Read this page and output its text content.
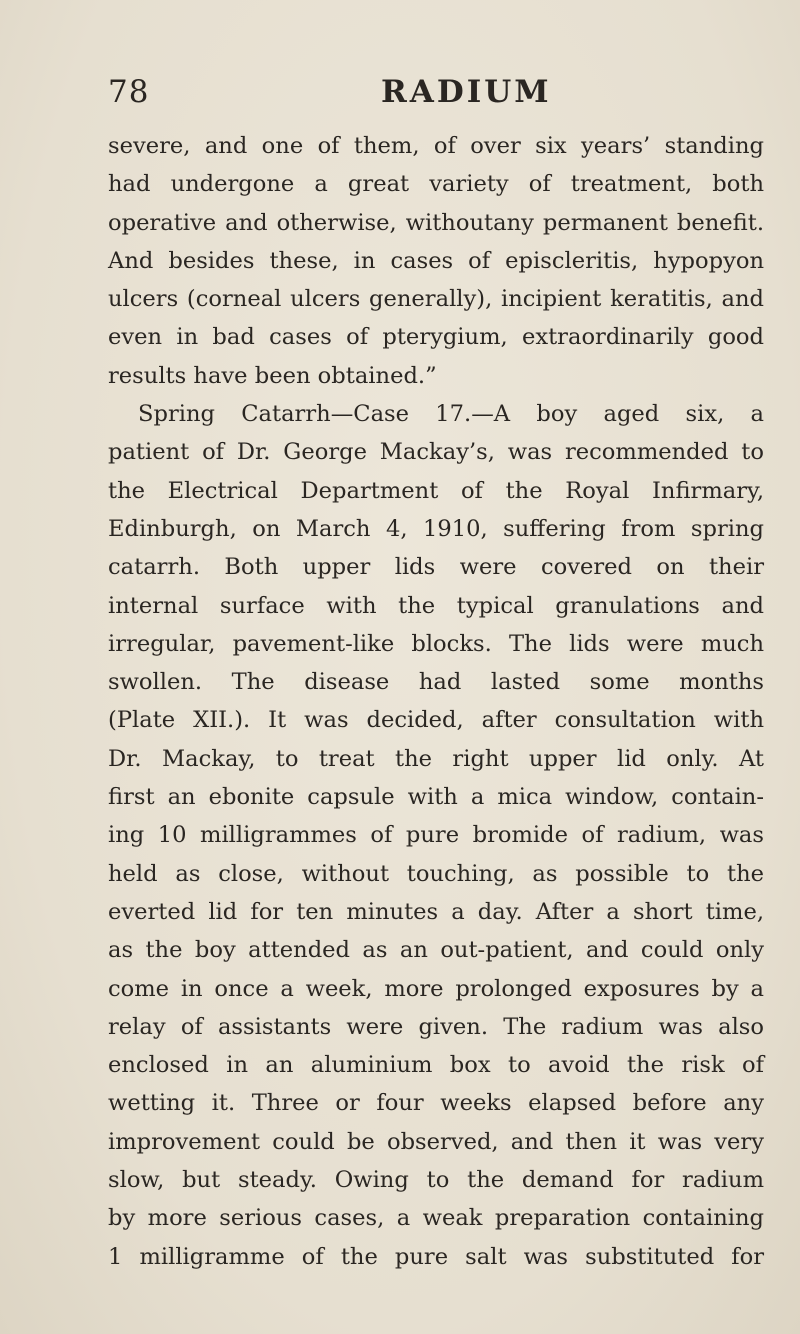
78	RADIUM
severe, and one of them, of over six years’ standing
had undergone a great variety of treatment, both
operative and otherwise, withoutany permanent benefit.
And besides these, in cases of episcleritis, hypopyon
ulcers (corneal ulcers generally), incipient keratitis, and
even in bad cases of pterygium, extraordinarily good
results have been obtained.”
Spring Catarrh—Case 17.—A boy aged six, a
patient of Dr. George Mackay’s, was recommended to
the Electrical Department of the Royal Infirmary,
Edinburgh, on March 4, 1910, suffering from spring
catarrh. Both upper lids were covered on their
internal surface with the typical granulations and
irregular, pavement-like blocks. The lids were much
swollen. The disease had lasted some months
(Plate XII.). It was decided, after consultation with
Dr. Mackay, to treat the right upper lid only. At
first an ebonite capsule with a mica window, contain-
ing 10 milligrammes of pure bromide of radium, was
held as close, without touching, as possible to the
everted lid for ten minutes a day. After a short time,
as the boy attended as an out-patient, and could only
come in once a week, more prolonged exposures by a
relay of assistants were given. The radium was also
enclosed in an aluminium box to avoid the risk of
wetting it. Three or four weeks elapsed before any
improvement could be observed, and then it was very
slow, but steady. Owing to the demand for radium
by more serious cases, a weak preparation containing
1 milligramme of the pure salt was substituted for
